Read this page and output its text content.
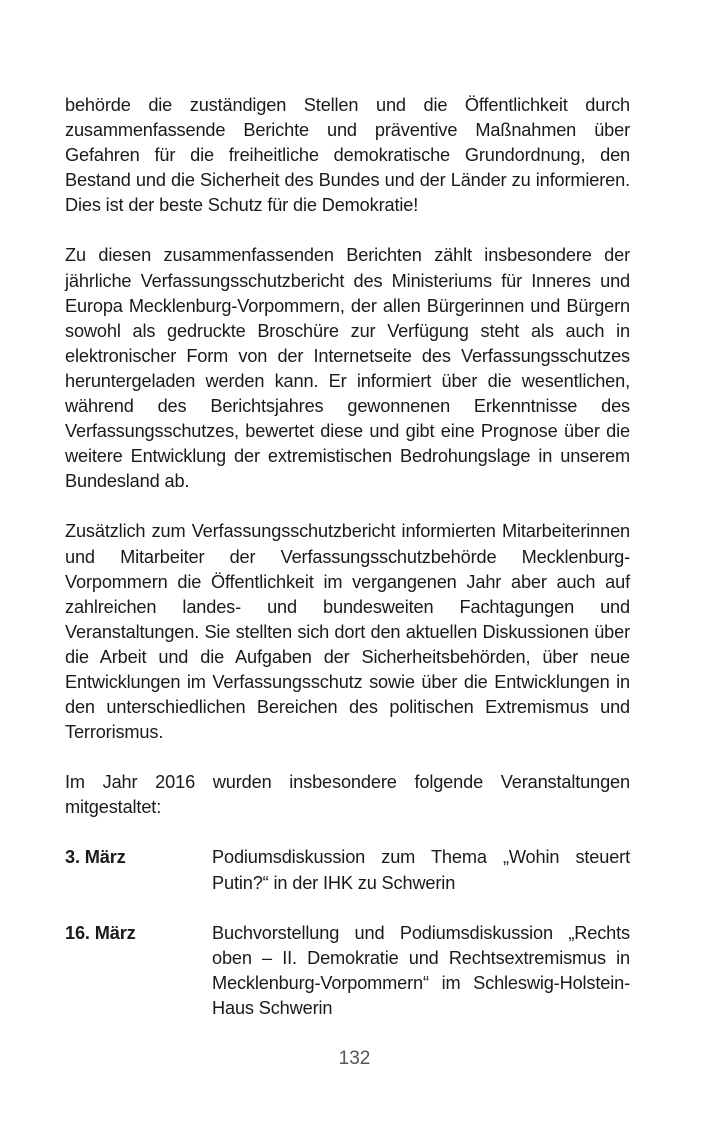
behörde die zuständigen Stellen und die Öffentlichkeit durch zusammenfassende Berichte und präventive Maßnahmen über Gefahren für die freiheitliche demokratische Grundordnung, den Bestand und die Sicherheit des Bundes und der Länder zu informieren. Dies ist der beste Schutz für die Demokratie!

Zu diesen zusammenfassenden Berichten zählt insbesondere der jährliche Verfassungsschutzbericht des Ministeriums für Inneres und Europa Mecklenburg-Vorpommern, der allen Bürgerinnen und Bürgern sowohl als gedruckte Broschüre zur Verfügung steht als auch in elektronischer Form von der Internetseite des Verfassungsschutzes heruntergeladen werden kann. Er informiert über die wesentlichen, während des Berichtsjahres gewonnenen Erkenntnisse des Verfassungsschutzes, bewertet diese und gibt eine Prognose über die weitere Entwicklung der extremistischen Bedrohungslage in unserem Bundesland ab.

Zusätzlich zum Verfassungsschutzbericht informierten Mitarbeiterinnen und Mitarbeiter der Verfassungsschutzbehörde Mecklenburg-Vorpommern die Öffentlichkeit im vergangenen Jahr aber auch auf zahlreichen landes- und bundesweiten Fachtagungen und Veranstaltungen. Sie stellten sich dort den aktuellen Diskussionen über die Arbeit und die Aufgaben der Sicherheitsbehörden, über neue Entwicklungen im Verfassungsschutz sowie über die Entwicklungen in den unterschiedlichen Bereichen des politischen Extremismus und Terrorismus.

Im Jahr 2016 wurden insbesondere folgende Veranstaltungen mitgestaltet:

3. März	Podiumsdiskussion zum Thema „Wohin steuert Putin?“ in der IHK zu Schwerin
16. März	Buchvorstellung und Podiumsdiskussion „Rechts oben – II. Demokratie und Rechtsextremismus in Mecklenburg-Vorpommern“ im Schleswig-Holstein-Haus Schwerin
132
